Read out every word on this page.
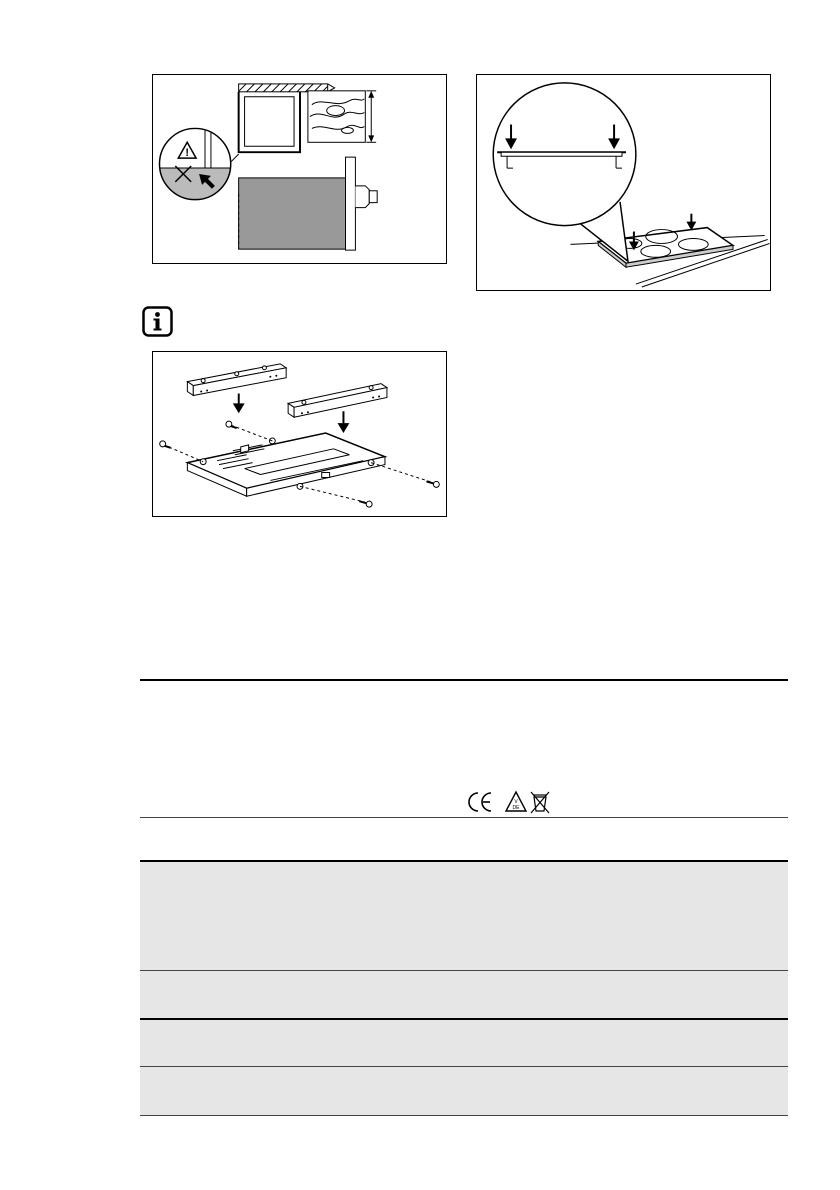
!
V
DE
